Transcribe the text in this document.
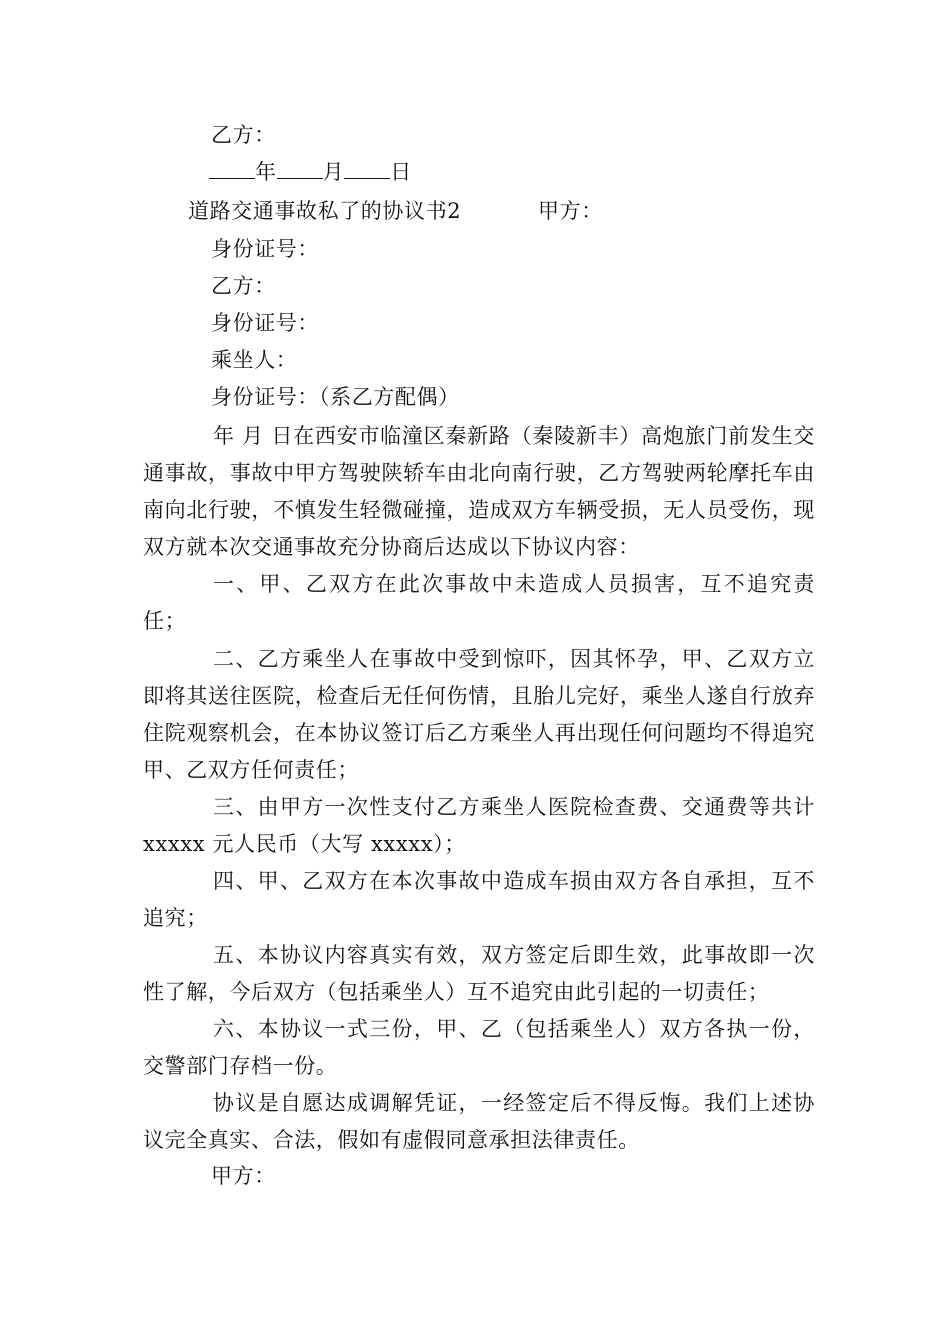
乙方：
年 月 日
道路交通事故私了的协议书2	甲方：
身份证号：
乙方：
身份证号：
乘坐人：
身份证号：（系乙方配偶）
年 月 日在西安市临潼区秦新路（秦陵新丰）高炮旅门前发生交通事故，事故中甲方驾驶陕轿车由北向南行驶，乙方驾驶两轮摩托车由南向北行驶，不慎发生轻微碰撞，造成双方车辆受损，无人员受伤，现双方就本次交通事故充分协商后达成以下协议内容：
一、甲、乙双方在此次事故中未造成人员损害，互不追究责任；
二、乙方乘坐人在事故中受到惊吓，因其怀孕，甲、乙双方立即将其送往医院，检查后无任何伤情，且胎儿完好，乘坐人遂自行放弃住院观察机会，在本协议签订后乙方乘坐人再出现任何问题均不得追究甲、乙双方任何责任；
三、由甲方一次性支付乙方乘坐人医院检查费、交通费等共计 xxxxx 元人民币（大写 xxxxx）；
四、甲、乙双方在本次事故中造成车损由双方各自承担，互不追究；
五、本协议内容真实有效，双方签定后即生效，此事故即一次性了解，今后双方（包括乘坐人）互不追究由此引起的一切责任；
六、本协议一式三份，甲、乙（包括乘坐人）双方各执一份，交警部门存档一份。
协议是自愿达成调解凭证，一经签定后不得反悔。我们上述协议完全真实、合法，假如有虚假同意承担法律责任。
甲方：
